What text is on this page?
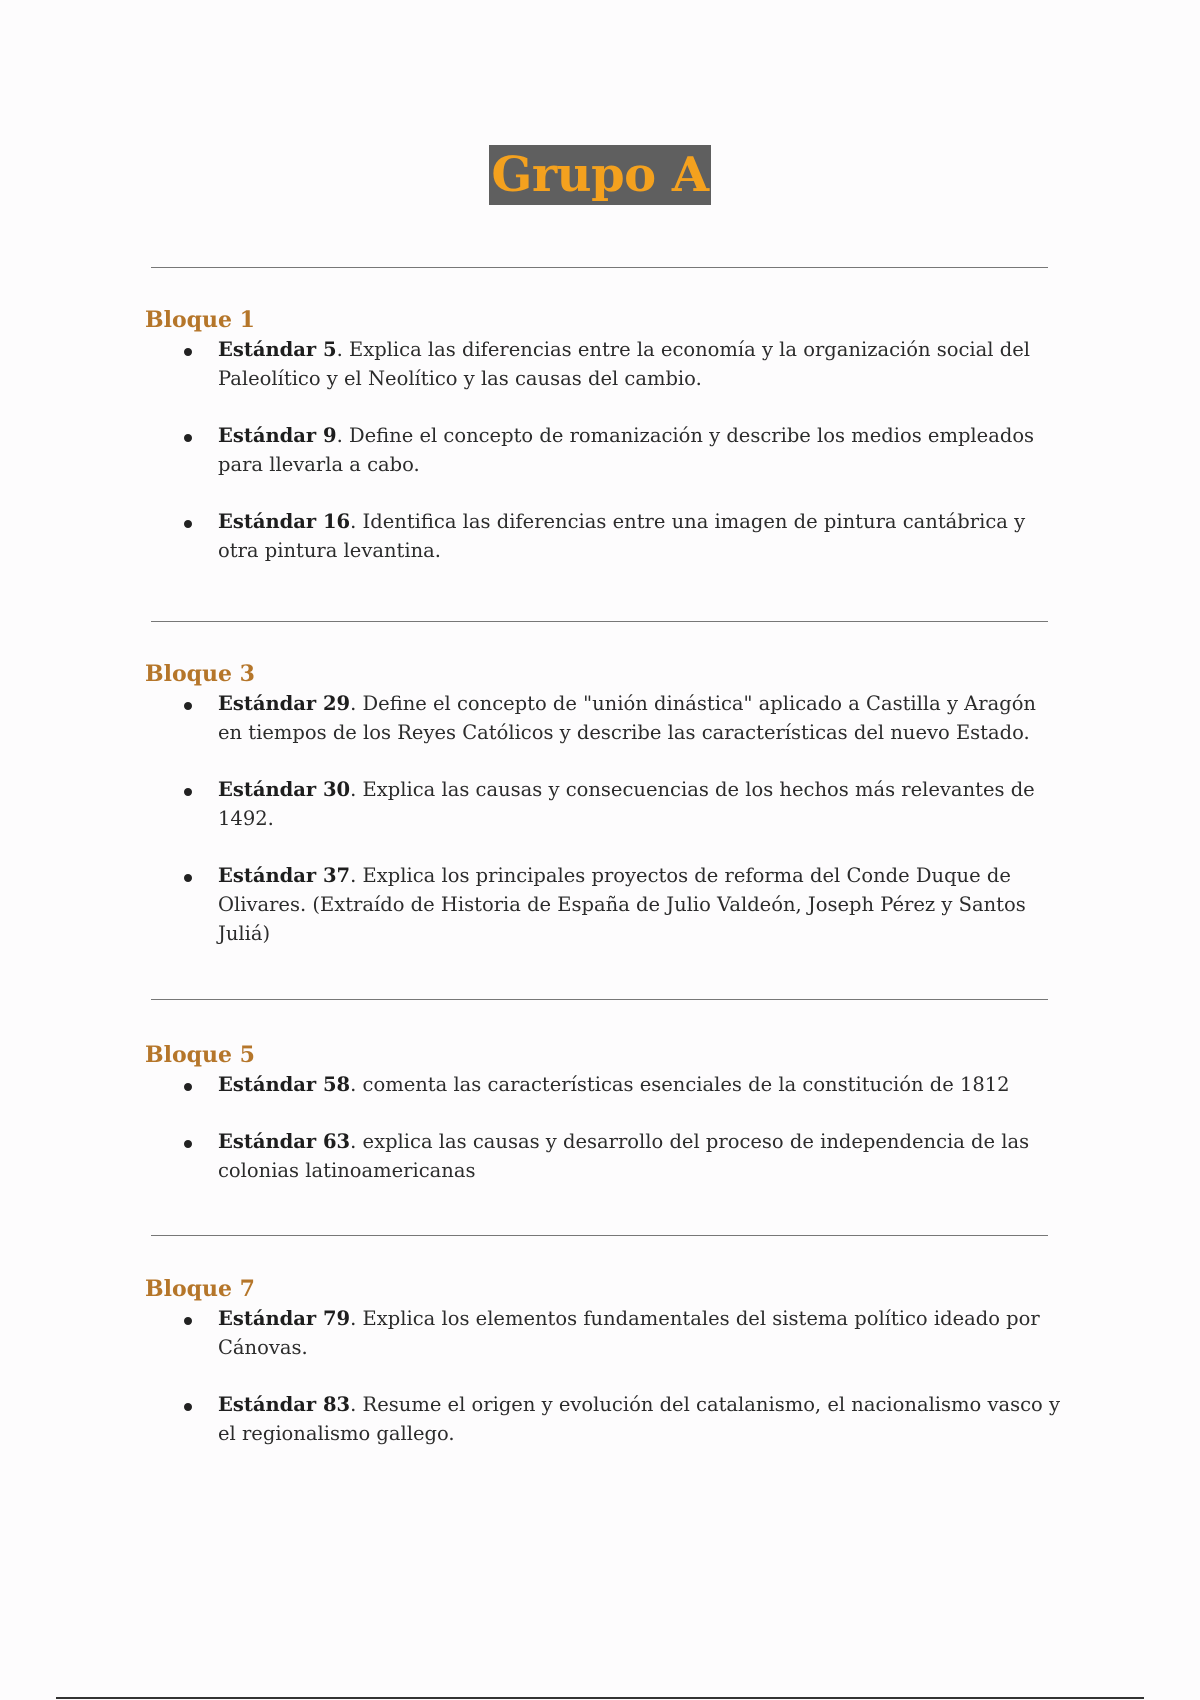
Grupo A
Bloque 1
Estándar 5. Explica las diferencias entre la economía y la organización social del Paleolítico y el Neolítico y las causas del cambio.
Estándar 9. Define el concepto de romanización y describe los medios empleados para llevarla a cabo.
Estándar 16. Identifica las diferencias entre una imagen de pintura cantábrica y otra pintura levantina.
Bloque 3
Estándar 29. Define el concepto de "unión dinástica" aplicado a Castilla y Aragón en tiempos de los Reyes Católicos y describe las características del nuevo Estado.
Estándar 30. Explica las causas y consecuencias de los hechos más relevantes de 1492.
Estándar 37. Explica los principales proyectos de reforma del Conde Duque de Olivares. (Extraído de Historia de España de Julio Valdeón, Joseph Pérez y Santos Juliá)
Bloque 5
Estándar 58. comenta las características esenciales de la constitución de 1812
Estándar 63. explica las causas y desarrollo del proceso de independencia de las colonias latinoamericanas
Bloque 7
Estándar 79. Explica los elementos fundamentales del sistema político ideado por Cánovas.
Estándar 83. Resume el origen y evolución del catalanismo, el nacionalismo vasco y el regionalismo gallego.
